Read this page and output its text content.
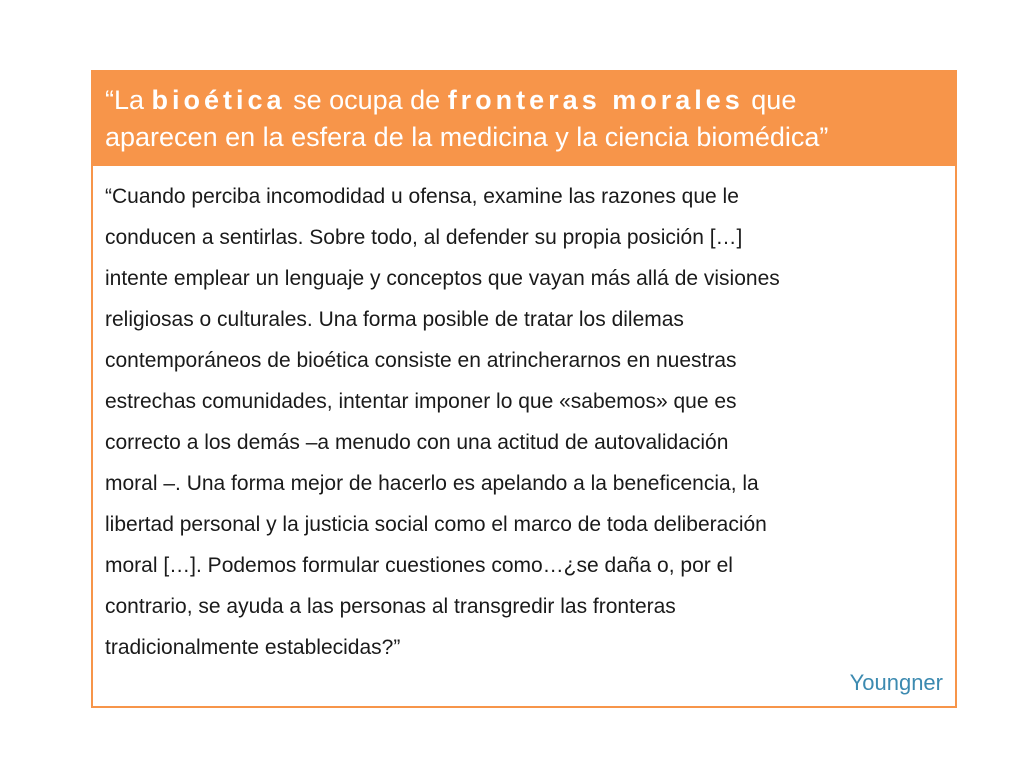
“La bioética se ocupa de fronteras morales que
aparecen en la esfera de la medicina y la ciencia biomédica”
“Cuando perciba incomodidad u ofensa, examine las razones que le
conducen a sentirlas. Sobre todo, al defender su propia posición […]
intente emplear un lenguaje y conceptos que vayan más allá de visiones
religiosas o culturales. Una forma posible de tratar los dilemas
contemporáneos de bioética consiste en atrincherarnos en nuestras
estrechas comunidades, intentar imponer lo que «sabemos» que es
correcto a los demás –a menudo con una actitud de autovalidación
moral –. Una forma mejor de hacerlo es apelando a la beneficencia, la
libertad personal y la justicia social como el marco de toda deliberación
moral […]. Podemos formular cuestiones como…¿se daña o, por el
contrario, se ayuda a las personas al transgredir las fronteras
tradicionalmente establecidas?”
Youngner
